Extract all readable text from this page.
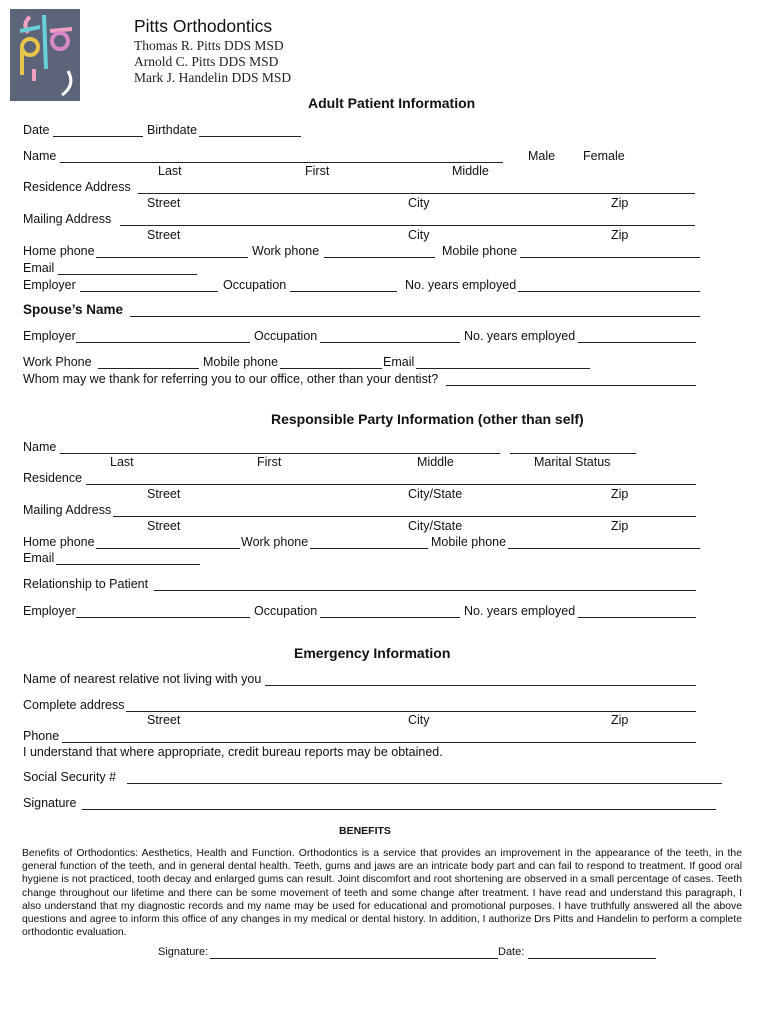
Pitts Orthodontics
Thomas R. Pitts DDS MSD
Arnold C. Pitts DDS MSD
Mark J. Handelin DDS MSD
Adult Patient Information
Date	Birthdate
Name	Male Female
Last	First	Middle
Residence Address
Street	City	Zip
Mailing Address
Street	City	Zip
Home phone	Work phone	Mobile phone
Email
Employer	Occupation	No. years employed
Spouse’s Name
Employer	Occupation	No. years employed
Work Phone	Mobile phone	Email
Whom may we thank for referring you to our office, other than your dentist?
Responsible Party Information (other than self)
Name
Last	First	Middle	Marital Status
Residence
Street	City/State	Zip
Mailing Address
Street	City/State	Zip
Home phone	Work phone	Mobile phone
Email
Relationship to Patient
Employer	Occupation	No. years employed
Emergency Information
Name of nearest relative not living with you
Complete address
Street	City	Zip
Phone
I understand that where appropriate, credit bureau reports may be obtained.
Social Security #
Signature
BENEFITS
Benefits of Orthodontics: Aesthetics, Health and Function. Orthodontics is a service that provides an improvement in the appearance of the teeth, in the general function of the teeth, and in general dental health. Teeth, gums and jaws are an intricate body part and can fail to respond to treatment. If good oral hygiene is not practiced, tooth decay and enlarged gums can result. Joint discomfort and root shortening are observed in a small percentage of cases. Teeth change throughout our lifetime and there can be some movement of teeth and some change after treatment. I have read and understand this paragraph, I also understand that my diagnostic records and my name may be used for educational and promotional purposes. I have truthfully answered all the above questions and agree to inform this office of any changes in my medical or dental history. In addition, I authorize Drs Pitts and Handelin to perform a complete orthodontic evaluation.
Signature:	Date:
